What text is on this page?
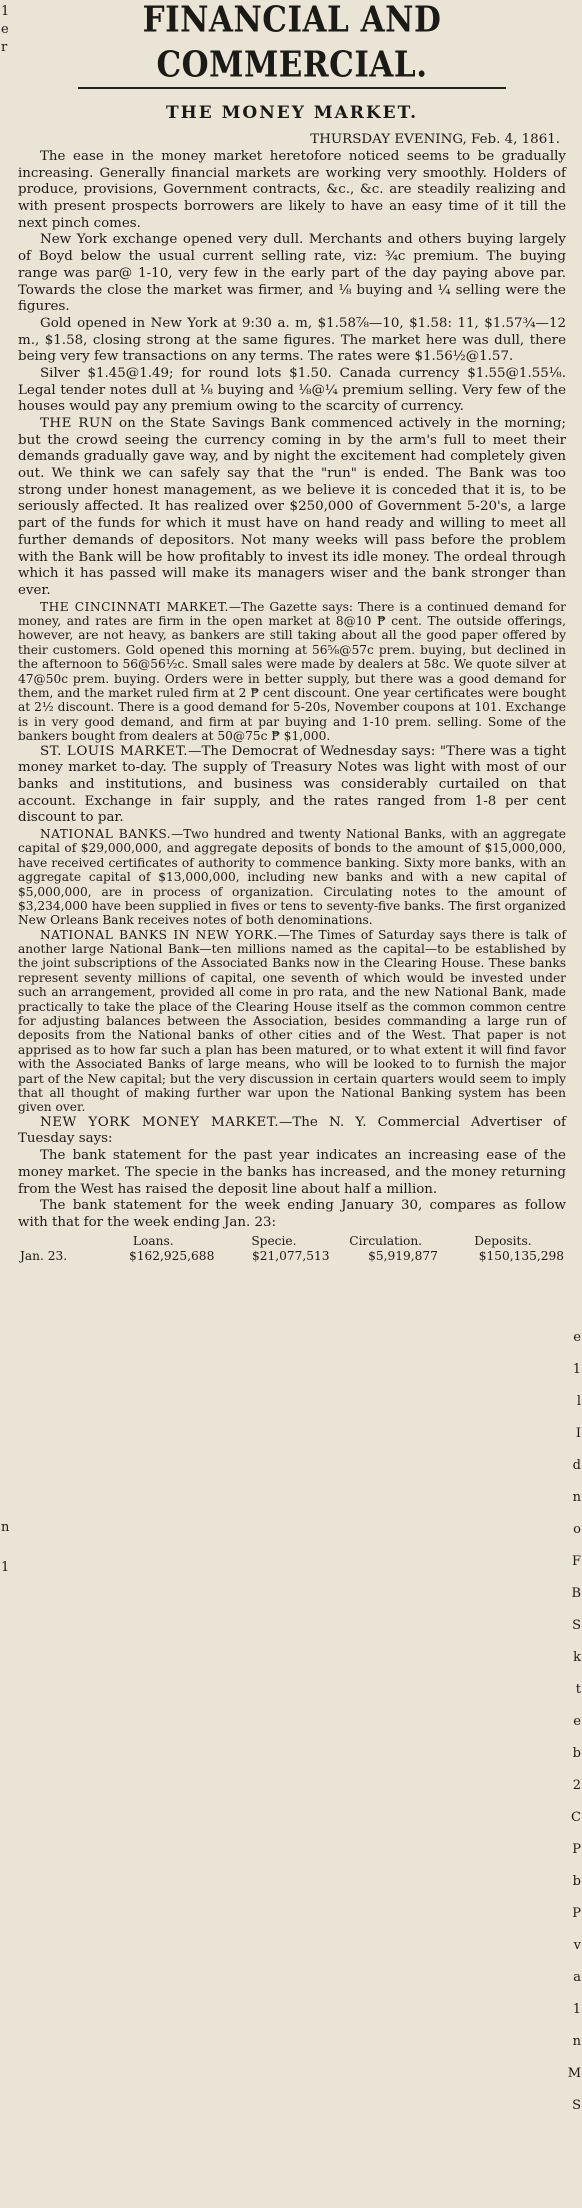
1
e
r
n
1
e
1
l
I
d
n
o
F
B
S
k
t
e
b
2
C
P
b
P
v
a
1
n
M
S
FINANCIAL AND COMMERCIAL.
THE MONEY MARKET.

THURSDAY EVENING, Feb. 4, 1861.

The ease in the money market heretofore noticed seems to be gradually increasing. Generally financial markets are working very smoothly. Holders of produce, provisions, Government contracts, &c., &c. are steadily realizing and with present prospects borrowers are likely to have an easy time of it till the next pinch comes.

New York exchange opened very dull. Merchants and others buying largely of Boyd below the usual current selling rate, viz: ¾c premium. The buying range was par@ 1-10, very few in the early part of the day paying above par. Towards the close the market was firmer, and ⅛ buying and ¼ selling were the figures.

Gold opened in New York at 9:30 a. m, $1.58⅞—10, $1.58: 11, $1.57¾—12 m., $1.58, closing strong at the same figures. The market here was dull, there being very few transactions on any terms. The rates were $1.56½@1.57.

Silver $1.45@1.49; for round lots $1.50. Canada currency $1.55@1.55⅛. Legal tender notes dull at ⅛ buying and ⅛@¼ premium selling. Very few of the houses would pay any premium owing to the scarcity of currency.

THE RUN on the State Savings Bank commenced actively in the morning; but the crowd seeing the currency coming in by the arm's full to meet their demands gradually gave way, and by night the excitement had completely given out. We think we can safely say that the "run" is ended. The Bank was too strong under honest management, as we believe it is conceded that it is, to be seriously affected. It has realized over $250,000 of Government 5-20's, a large part of the funds for which it must have on hand ready and willing to meet all further demands of depositors. Not many weeks will pass before the problem with the Bank will be how profitably to invest its idle money. The ordeal through which it has passed will make its managers wiser and the bank stronger than ever.

THE CINCINNATI MARKET.—The Gazette says: There is a continued demand for money, and rates are firm in the open market at 8@10 ₱ cent. The outside offerings, however, are not heavy, as bankers are still taking about all the good paper offered by their customers. Gold opened this morning at 56⅝@57c prem. buying, but declined in the afternoon to 56@56½c. Small sales were made by dealers at 58c. We quote silver at 47@50c prem. buying. Orders were in better supply, but there was a good demand for them, and the market ruled firm at 2 ₱ cent discount. One year certificates were bought at 2½ discount. There is a good demand for 5-20s, November coupons at 101. Exchange is in very good demand, and firm at par buying and 1-10 prem. selling. Some of the bankers bought from dealers at 50@75c ₱ $1,000.

ST. LOUIS MARKET.—The Democrat of Wednesday says: "There was a tight money market to-day. The supply of Treasury Notes was light with most of our banks and institutions, and business was considerably curtailed on that account. Exchange in fair supply, and the rates ranged from 1-8 per cent discount to par.

NATIONAL BANKS.—Two hundred and twenty National Banks, with an aggregate capital of $29,000,000, and aggregate deposits of bonds to the amount of $15,000,000, have received certificates of authority to commence banking. Sixty more banks, with an aggregate capital of $13,000,000, including new banks and with a new capital of $5,000,000, are in process of organization. Circulating notes to the amount of $3,234,000 have been supplied in fives or tens to seventy-five banks. The first organized New Orleans Bank receives notes of both denominations.

NATIONAL BANKS IN NEW YORK.—The Times of Saturday says there is talk of another large National Bank—ten millions named as the capital—to be established by the joint subscriptions of the Associated Banks now in the Clearing House. These banks represent seventy millions of capital, one seventh of which would be invested under such an arrangement, provided all come in pro rata, and the new National Bank, made practically to take the place of the Clearing House itself as the common common centre for adjusting balances between the Association, besides commanding a large run of deposits from the National banks of other cities and of the West. That paper is not apprised as to how far such a plan has been matured, or to what extent it will find favor with the Associated Banks of large means, who will be looked to to furnish the major part of the New capital; but the very discussion in certain quarters would seem to imply that all thought of making further war upon the National Banking system has been given over.

NEW YORK MONEY MARKET.—The N. Y. Commercial Advertiser of Tuesday says:

The bank statement for the past year indicates an increasing ease of the money market. The specie in the banks has increased, and the money returning from the West has raised the deposit line about half a million.

The bank statement for the week ending January 30, compares as follow with that for the week ending Jan. 23:

	Loans.	Specie.	Circulation.	Deposits.
Jan. 23.	$162,925,688	$21,077,513	$5,919,877	$150,135,298
